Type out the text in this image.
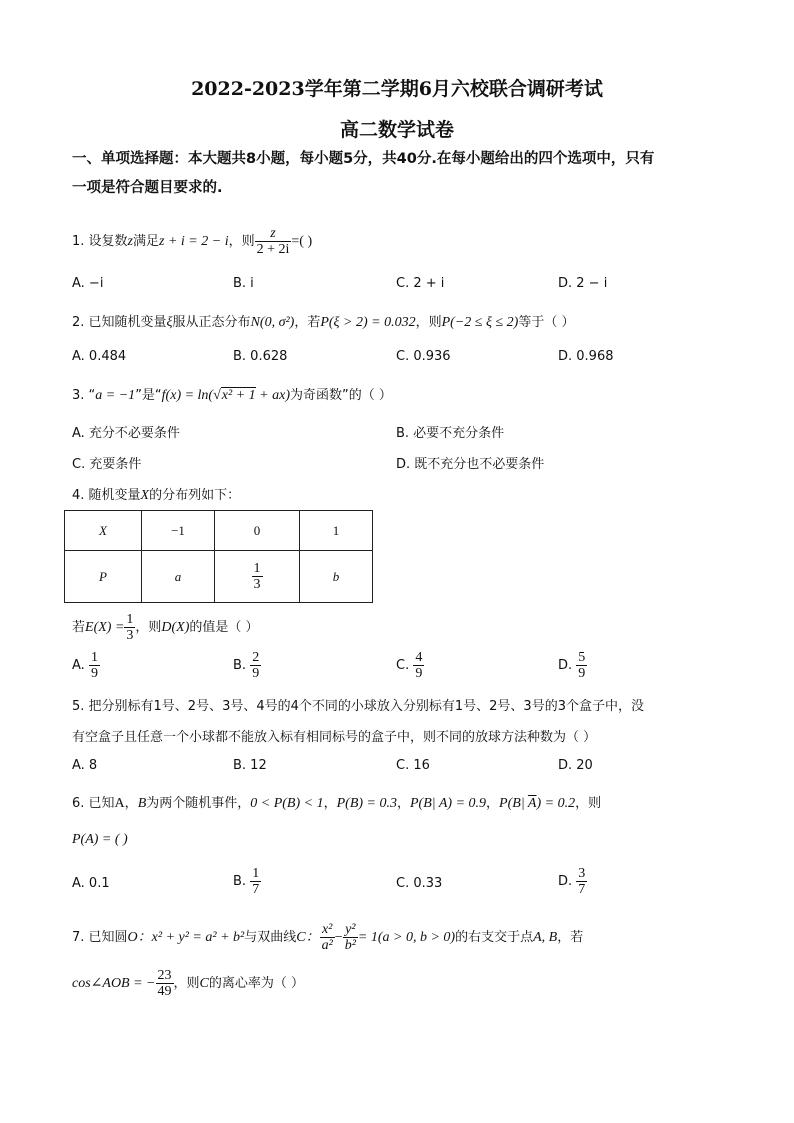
2022-2023学年第二学期6月六校联合调研考试
高二数学试卷
一、单项选择题：本大题共8小题，每小题5分，共40分.在每小题给出的四个选项中，只有
一项是符合题目要求的.
1. 设复数z满足z + i = 2 − i，则 $\frac{z}{2 + 2i}$ =( )
A. −i	B. i	C. 2 + i	D. 2 − i
2. 已知随机变量ξ服从正态分布N(0, σ²)，若P(ξ > 2) = 0.032，则P(−2 ≤ ξ ≤ 2)等于（ ）
A. 0.484	B. 0.628	C. 0.936	D. 0.968
3. “a = −1”是“f(x) = ln(√x² + 1 + ax)为奇函数”的（ ）
A. 充分不必要条件	B. 必要不充分条件
C. 充要条件	D. 既不充分也不必要条件
4. 随机变量X的分布列如下：
X	−1	0	1
P	a	$\frac{1}{3}$	b
若$E(X) = \frac{1}{3}$ ，则D(X)的值是（ ）
A. $\frac{1}{9}$	B. $\frac{2}{9}$	C. $\frac{4}{9}$	D. $\frac{5}{9}$
5. 把分别标有1号、2号、3号、4号的4个不同的小球放入分别标有1号、2号、3号的3个盒子中，没
有空盒子且任意一个小球都不能放入标有相同标号的盒子中，则不同的放球方法种数为（ ）
A. 8	B. 12	C. 16	D. 20
6. 已知A，B为两个随机事件，0 < P(B) < 1，P(B) = 0.3，P(B| A) = 0.9，P(B| $\overline{A}) = 0.2$，则
P(A) = ( )
A. 0.1	B. $\frac{1}{7}$	C. 0.33	D. $\frac{3}{7}$
7. 已知圆O：x² + y² = a² + b²与双曲线C： $\frac{\text{x²}}{\text{a²}} - \frac{\text{y²}}{\text{b²}} = 1(a > 0$, b > 0)的右支交于点A, B，若
cos∠AOB = − $\frac{23}{49}$ ，则C的离心率为（ ）
